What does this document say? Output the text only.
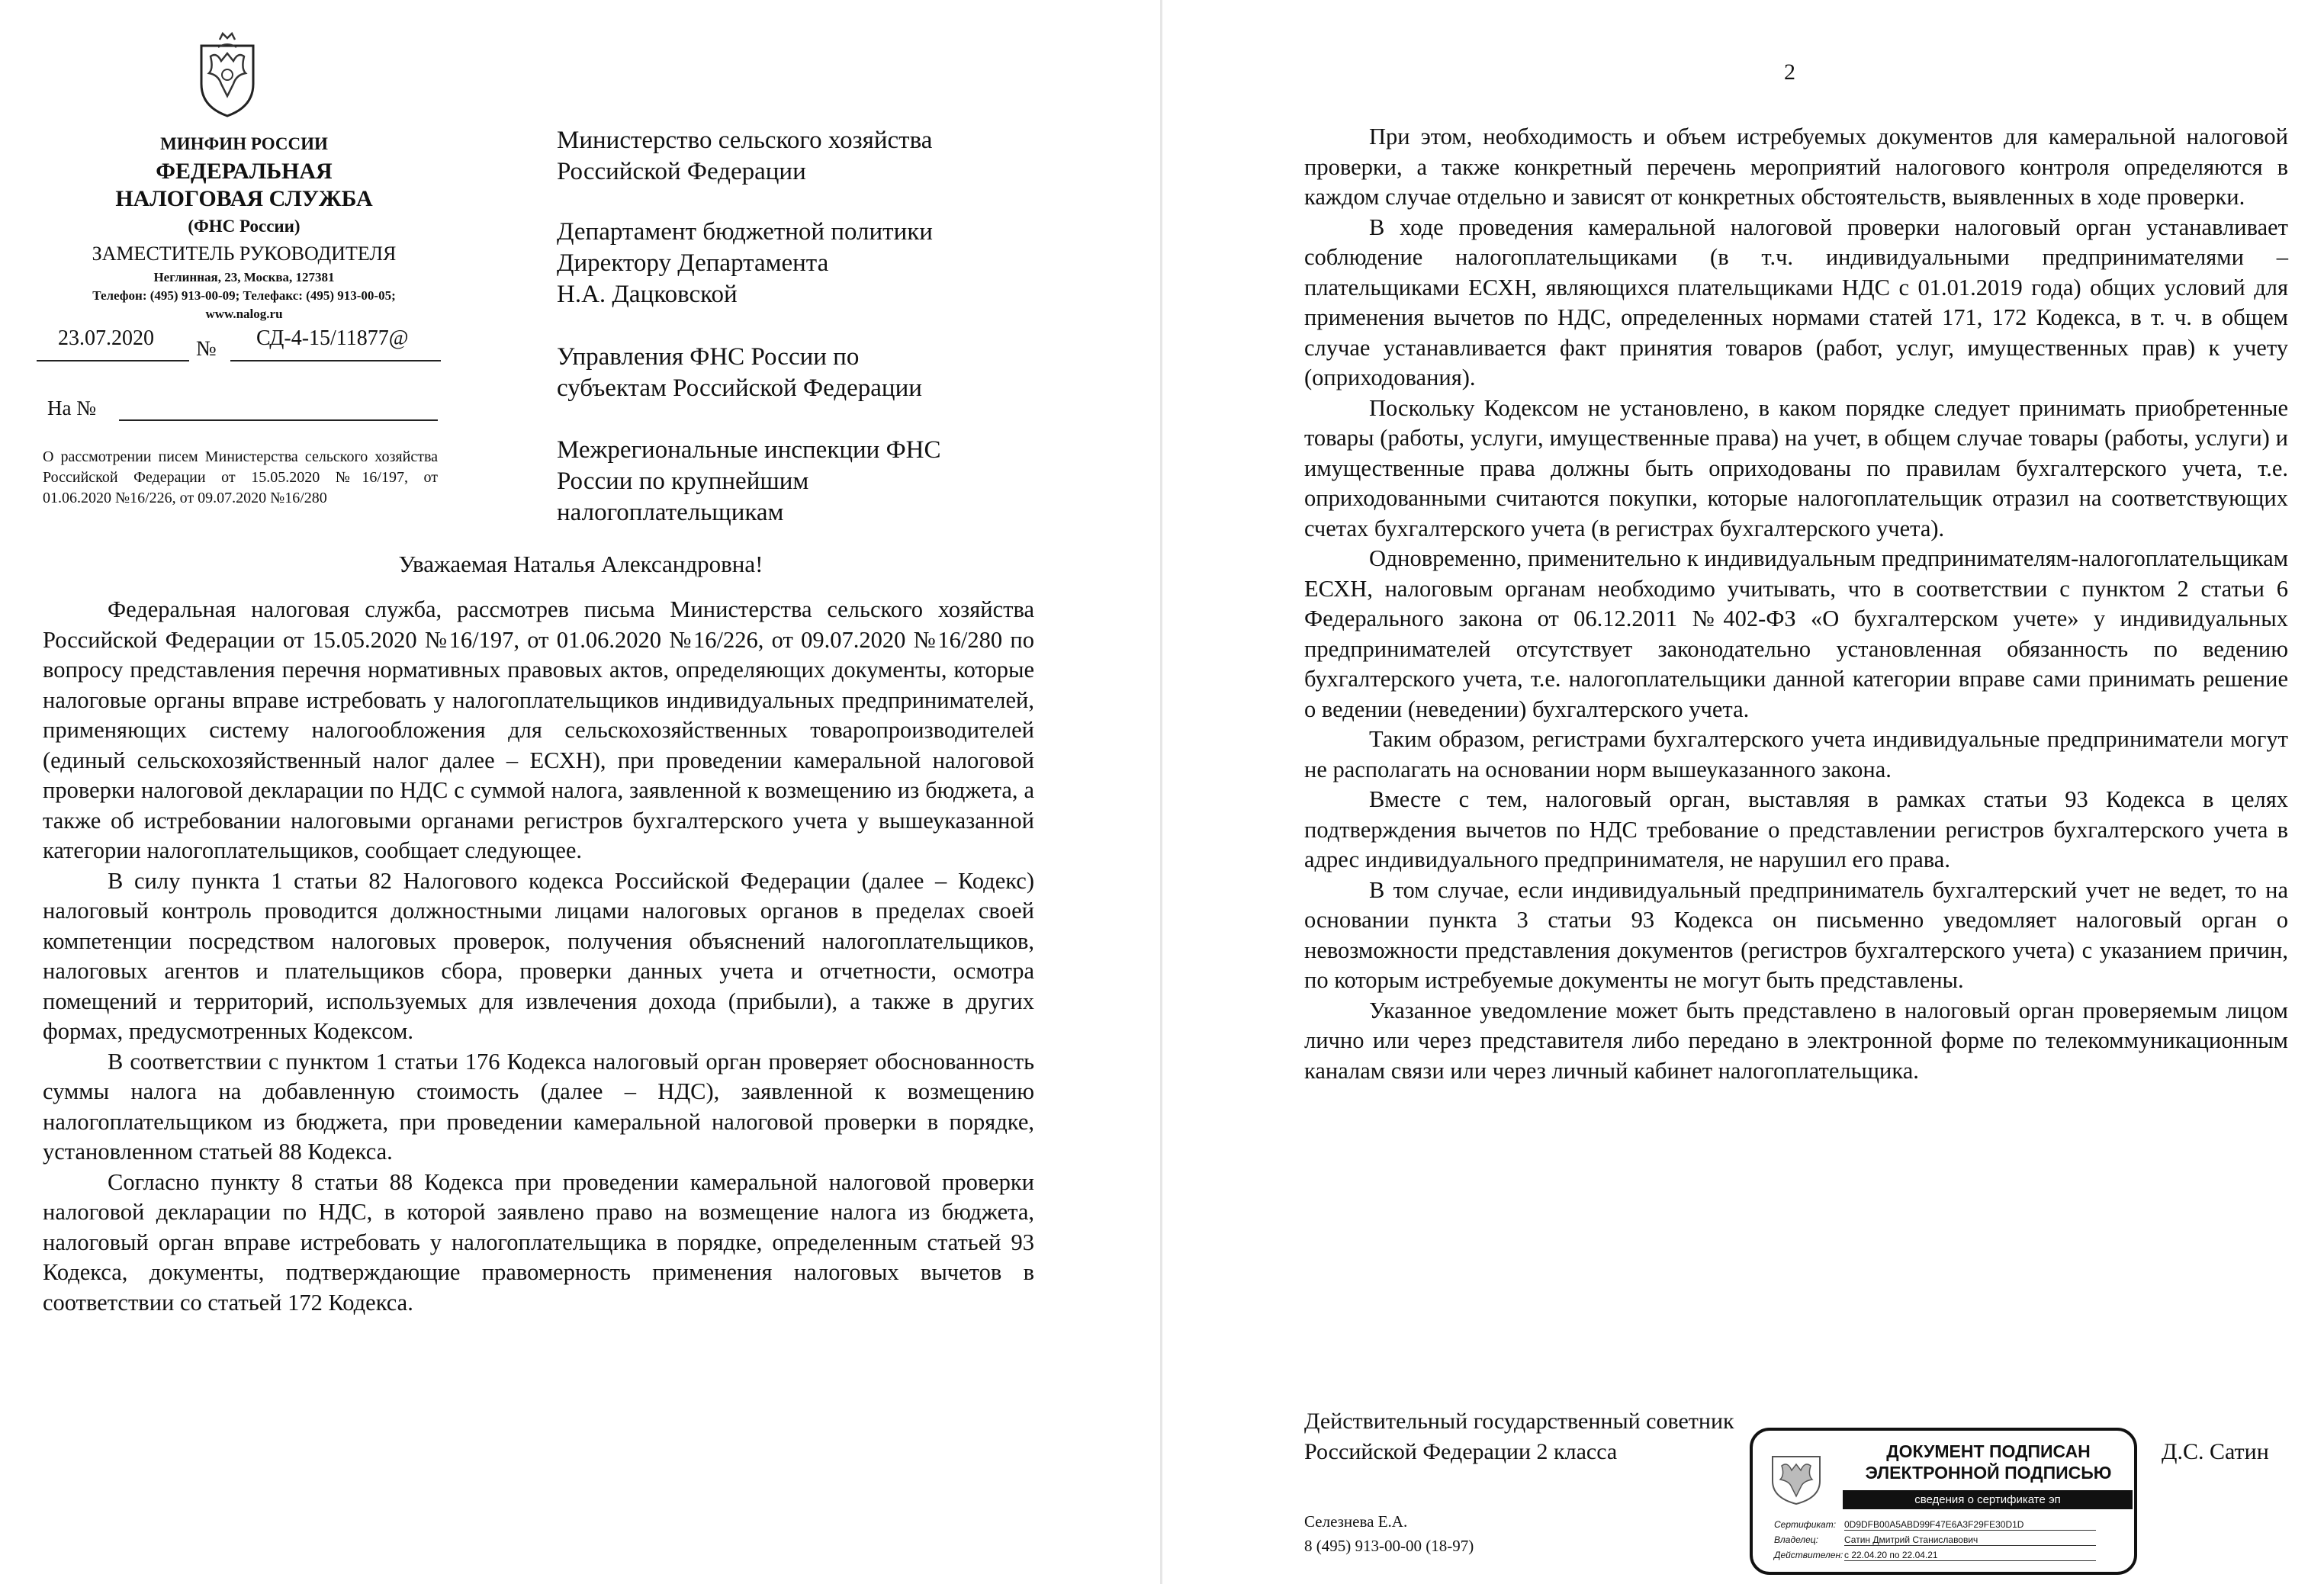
МИНФИН РОССИИ
ФЕДЕРАЛЬНАЯ
НАЛОГОВАЯ СЛУЖБА
(ФНС России)
ЗАМЕСТИТЕЛЬ РУКОВОДИТЕЛЯ
Неглинная, 23, Москва, 127381
Телефон: (495) 913-00-09; Телефакс: (495) 913-00-05;
www.nalog.ru
23.07.2020 № СД-4-15/11877@
На №
Министерство сельского хозяйства
Российской Федерации
Департамент бюджетной политики
Директору Департамента
Н.А. Дацковской
Управления ФНС России по
субъектам Российской Федерации
Межрегиональные инспекции ФНС
России по крупнейшим
налогоплательщикам
О рассмотрении писем Министерства сельского хозяйства Российской Федерации от 15.05.2020 №16/197, от 01.06.2020 №16/226, от 09.07.2020 №16/280
Уважаемая Наталья Александровна!

Федеральная налоговая служба, рассмотрев письма Министерства сельского хозяйства Российской Федерации от 15.05.2020 №16/197, от 01.06.2020 №16/226, от 09.07.2020 №16/280 по вопросу представления перечня нормативных правовых актов, определяющих документы, которые налоговые органы вправе истребовать у налогоплательщиков индивидуальных предпринимателей, применяющих систему налогообложения для сельскохозяйственных товаропроизводителей (единый сельскохозяйственный налог далее – ЕСХН), при проведении камеральной налоговой проверки налоговой декларации по НДС с суммой налога, заявленной к возмещению из бюджета, а также об истребовании налоговыми органами регистров бухгалтерского учета у вышеуказанной категории налогоплательщиков, сообщает следующее.

В силу пункта 1 статьи 82 Налогового кодекса Российской Федерации (далее – Кодекс) налоговый контроль проводится должностными лицами налоговых органов в пределах своей компетенции посредством налоговых проверок, получения объяснений налогоплательщиков, налоговых агентов и плательщиков сбора, проверки данных учета и отчетности, осмотра помещений и территорий, используемых для извлечения дохода (прибыли), а также в других формах, предусмотренных Кодексом.

В соответствии с пунктом 1 статьи 176 Кодекса налоговый орган проверяет обоснованность суммы налога на добавленную стоимость (далее – НДС), заявленной к возмещению налогоплательщиком из бюджета, при проведении камеральной налоговой проверки в порядке, установленном статьей 88 Кодекса.

Согласно пункту 8 статьи 88 Кодекса при проведении камеральной налоговой проверки налоговой декларации по НДС, в которой заявлено право на возмещение налога из бюджета, налоговый орган вправе истребовать у налогоплательщика в порядке, определенным статьей 93 Кодекса, документы, подтверждающие правомерность применения налоговых вычетов в соответствии со статьей 172 Кодекса.

2

При этом, необходимость и объем истребуемых документов для камеральной налоговой проверки, а также конкретный перечень мероприятий налогового контроля определяются в каждом случае отдельно и зависят от конкретных обстоятельств, выявленных в ходе проверки.

В ходе проведения камеральной налоговой проверки налоговый орган устанавливает соблюдение налогоплательщиками (в т.ч. индивидуальными предпринимателями – плательщиками ЕСХН, являющихся плательщиками НДС с 01.01.2019 года) общих условий для применения вычетов по НДС, определенных нормами статей 171, 172 Кодекса, в т. ч. в общем случае устанавливается факт принятия товаров (работ, услуг, имущественных прав) к учету (оприходования).

Поскольку Кодексом не установлено, в каком порядке следует принимать приобретенные товары (работы, услуги, имущественные права) на учет, в общем случае товары (работы, услуги) и имущественные права должны быть оприходованы по правилам бухгалтерского учета, т.е. оприходованными считаются покупки, которые налогоплательщик отразил на соответствующих счетах бухгалтерского учета (в регистрах бухгалтерского учета).

Одновременно, применительно к индивидуальным предпринимателям-налогоплательщикам ЕСХН, налоговым органам необходимо учитывать, что в соответствии с пунктом 2 статьи 6 Федерального закона от 06.12.2011 №402-ФЗ «О бухгалтерском учете» у индивидуальных предпринимателей отсутствует законодательно установленная обязанность по ведению бухгалтерского учета, т.е. налогоплательщики данной категории вправе сами принимать решение о ведении (неведении) бухгалтерского учета.

Таким образом, регистрами бухгалтерского учета индивидуальные предприниматели могут не располагать на основании норм вышеуказанного закона.

Вместе с тем, налоговый орган, выставляя в рамках статьи 93 Кодекса в целях подтверждения вычетов по НДС требование о представлении регистров бухгалтерского учета в адрес индивидуального предпринимателя, не нарушил его права.

В том случае, если индивидуальный предприниматель бухгалтерский учет не ведет, то на основании пункта 3 статьи 93 Кодекса он письменно уведомляет налоговый орган о невозможности представления документов (регистров бухгалтерского учета) с указанием причин, по которым истребуемые документы не могут быть представлены.

Указанное уведомление может быть представлено в налоговый орган проверяемым лицом лично или через представителя либо передано в электронной форме по телекоммуникационным каналам связи или через личный кабинет налогоплательщика.

Действительный государственный советник
Российской Федерации 2 класса	Д.С. Сатин
ДОКУМЕНТ ПОДПИСАН
ЭЛЕКТРОННОЙ ПОДПИСЬЮ
сведения о сертификате эп
Сертификат: 0D9DFB00A5ABD99F47E6A3F29FE30D1D
Владелец:	Сатин Дмитрий Станиславович
Действителен: с 22.04.20 по 22.04.21
Селезнева Е.А.
8 (495) 913-00-00 (18-97)
